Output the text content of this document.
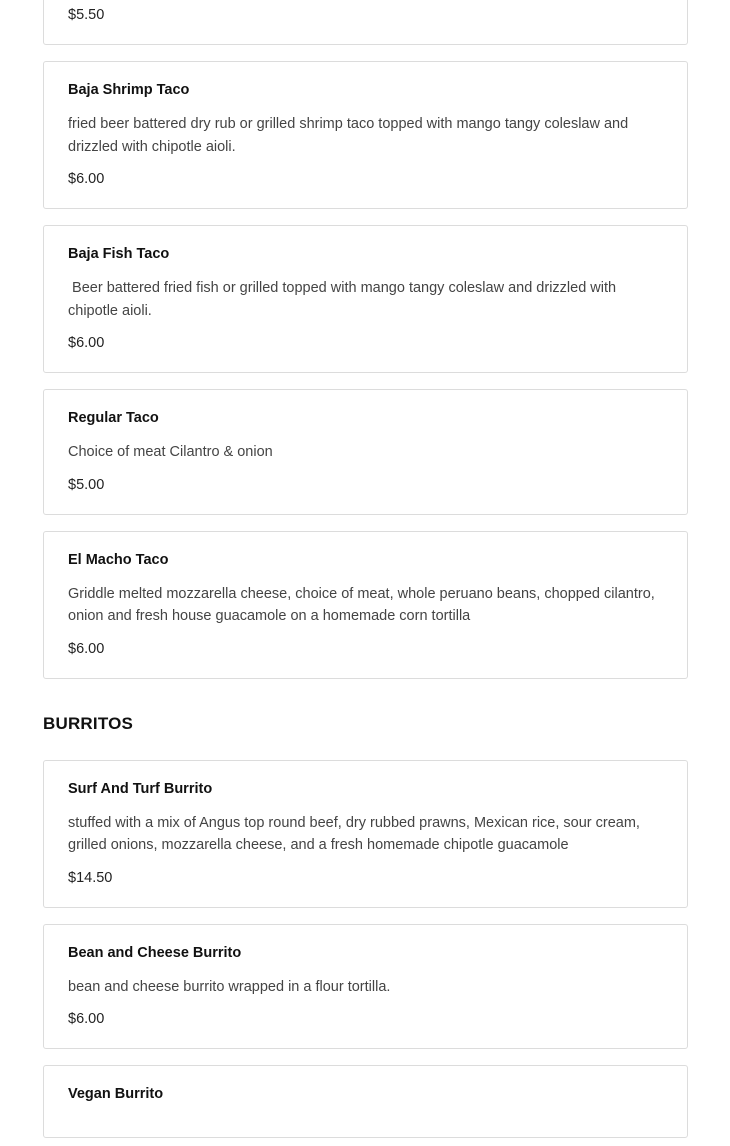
$5.50

Baja Shrimp Taco

fried beer battered dry rub or grilled shrimp taco topped with mango tangy coleslaw and drizzled with chipotle aioli.

$6.00

Baja Fish Taco

Beer battered fried fish or grilled topped with mango tangy coleslaw and drizzled with chipotle aioli.

$6.00

Regular Taco

Choice of meat Cilantro & onion

$5.00

El Macho Taco

Griddle melted mozzarella cheese, choice of meat, whole peruano beans, chopped cilantro, onion and fresh house guacamole on a homemade corn tortilla

$6.00

BURRITOS

Surf And Turf Burrito

stuffed with a mix of Angus top round beef, dry rubbed prawns, Mexican rice, sour cream, grilled onions, mozzarella cheese, and a fresh homemade chipotle guacamole

$14.50

Bean and Cheese Burrito

bean and cheese burrito wrapped in a flour tortilla.

$6.00

Vegan Burrito
